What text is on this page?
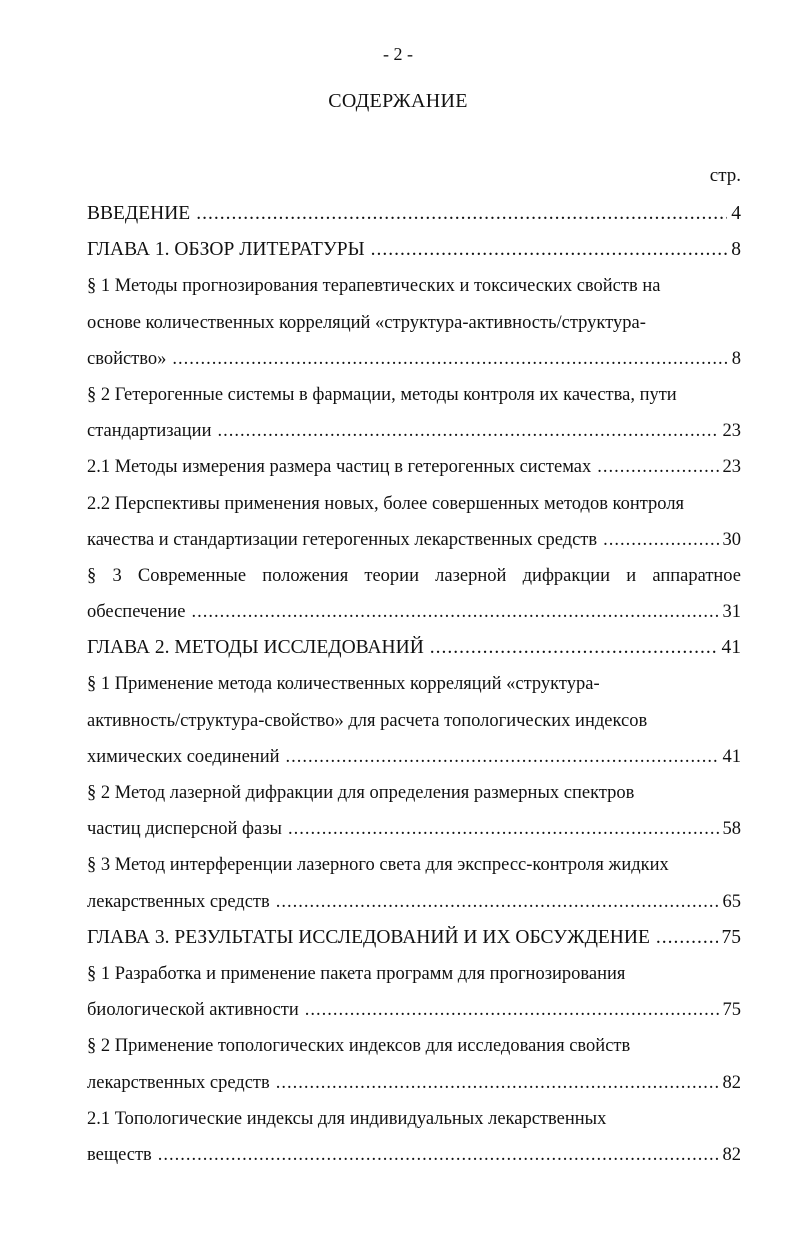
- 2 -
СОДЕРЖАНИЕ
стр.
ВВЕДЕНИЕ .....	4
ГЛАВА 1. ОБЗОР ЛИТЕРАТУРЫ .....	8
§ 1 Методы прогнозирования терапевтических и токсических свойств на
основе количественных корреляций «структура-активность/структура-
свойство» .....	8
§ 2 Гетерогенные системы в фармации, методы контроля их качества, пути
стандартизации .....	23
2.1 Методы измерения размера частиц в гетерогенных системах .....	23
2.2 Перспективы применения новых, более совершенных методов контроля
качества и стандартизации гетерогенных лекарственных средств .....	30
§ 3 Современные положения теории лазерной дифракции и аппаратное
обеспечение .....	31
ГЛАВА 2. МЕТОДЫ ИССЛЕДОВАНИЙ .....	41
§ 1 Применение метода количественных корреляций «структура-
активность/структура-свойство» для расчета топологических индексов
химических соединений .....	41
§ 2 Метод лазерной дифракции для определения размерных спектров
частиц дисперсной фазы .....	58
§ 3 Метод интерференции лазерного света для экспресс-контроля жидких
лекарственных средств .....	65
ГЛАВА 3. РЕЗУЛЬТАТЫ ИССЛЕДОВАНИЙ И ИХ ОБСУЖДЕНИЕ .....	75
§ 1 Разработка и применение пакета программ для прогнозирования
биологической активности .....	75
§ 2 Применение топологических индексов для исследования свойств
лекарственных средств .....	82
2.1 Топологические индексы для индивидуальных лекарственных
веществ .....	82
